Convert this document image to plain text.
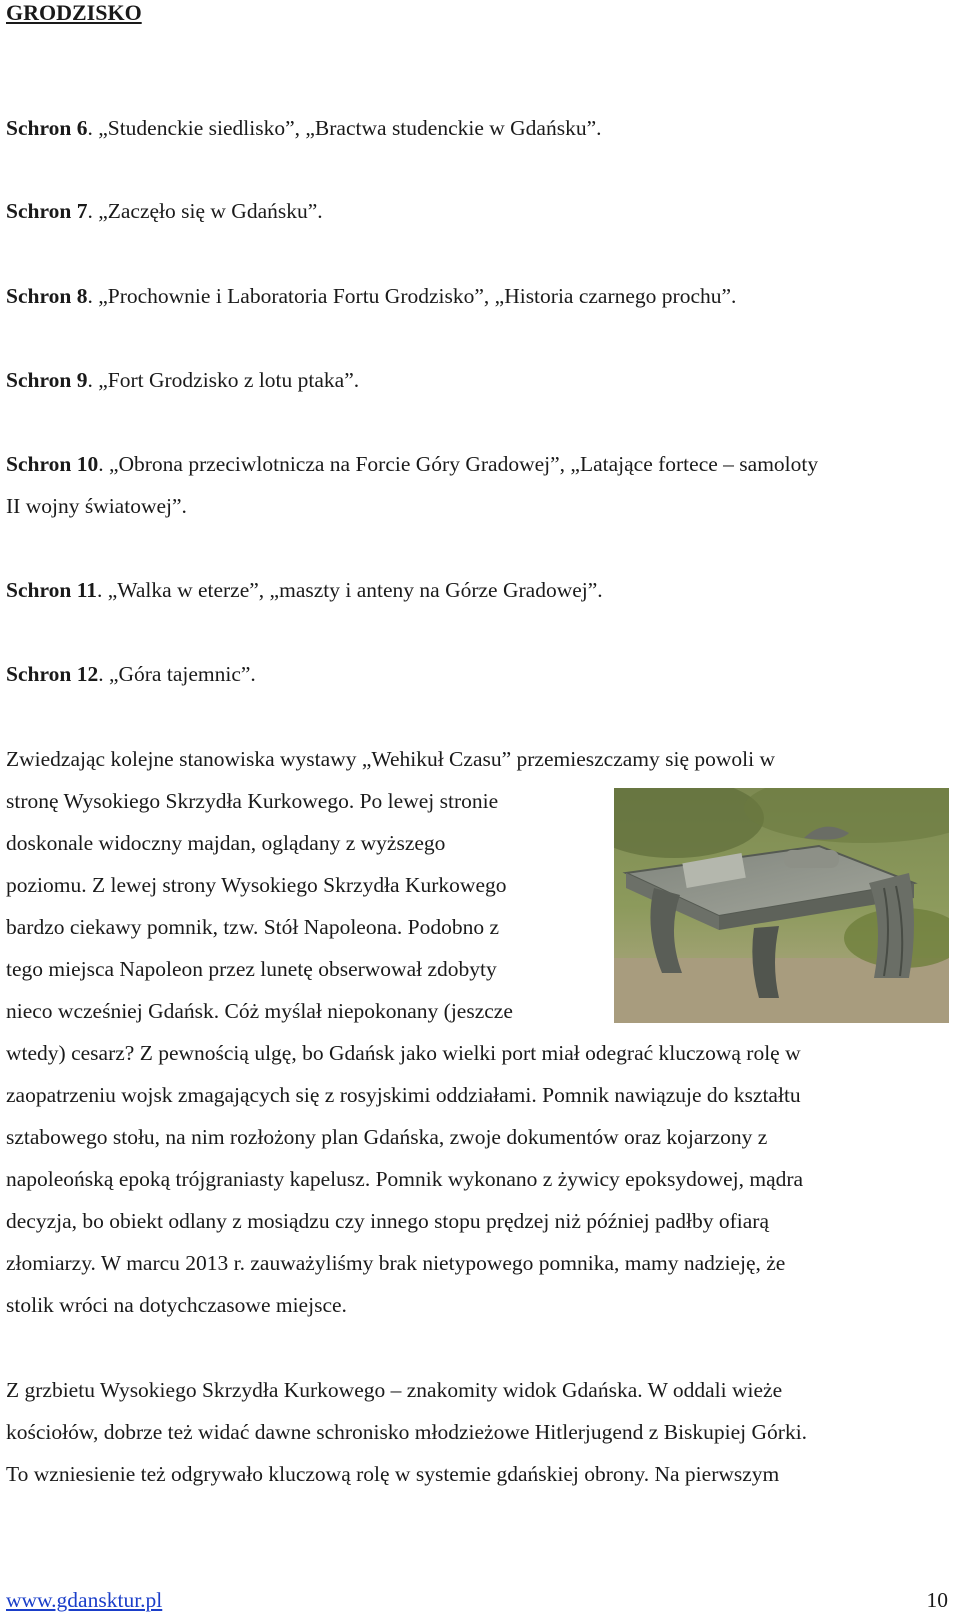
GRODZISKO
Schron 6. „Studenckie siedlisko”, „Bractwa studenckie w Gdańsku”.
Schron 7. „Zaczęło się w Gdańsku”.
Schron 8. „Prochownie i Laboratoria Fortu Grodzisko”, „Historia czarnego prochu”.
Schron 9. „Fort Grodzisko z lotu ptaka”.
Schron 10. „Obrona przeciwlotnicza na Forcie Góry Gradowej”, „Latające fortece – samoloty
II wojny światowej”.
Schron 11. „Walka w eterze”, „maszty i anteny na Górze Gradowej”.
Schron 12. „Góra tajemnic”.
Zwiedzając kolejne stanowiska wystawy „Wehikuł Czasu” przemieszczamy się powoli w
stronę Wysokiego Skrzydła Kurkowego. Po lewej stronie
doskonale widoczny majdan, oglądany z wyższego
poziomu. Z lewej strony Wysokiego Skrzydła Kurkowego
bardzo ciekawy pomnik, tzw. Stół Napoleona. Podobno z
tego miejsca Napoleon przez lunetę obserwował zdobyty
nieco wcześniej Gdańsk. Cóż myślał niepokonany (jeszcze
wtedy) cesarz? Z pewnością ulgę, bo Gdańsk jako wielki port miał odegrać kluczową rolę w
zaopatrzeniu wojsk zmagających się z rosyjskimi oddziałami. Pomnik nawiązuje do kształtu
sztabowego stołu, na nim rozłożony plan Gdańska, zwoje dokumentów oraz kojarzony z
napoleońską epoką trójgraniasty kapelusz. Pomnik wykonano z żywicy epoksydowej, mądra
decyzja, bo obiekt odlany z mosiądzu czy innego stopu prędzej niż później padłby ofiarą
złomiarzy. W marcu 2013 r. zauważyliśmy brak nietypowego pomnika, mamy nadzieję, że
stolik wróci na dotychczasowe miejsce.
Z grzbietu Wysokiego Skrzydła Kurkowego – znakomity widok Gdańska. W oddali wieże
kościołów, dobrze też widać dawne schronisko młodzieżowe Hitlerjugend z Biskupiej Górki.
To wzniesienie też odgrywało kluczową rolę w systemie gdańskiej obrony. Na pierwszym
www.gdansktur.pl	10
